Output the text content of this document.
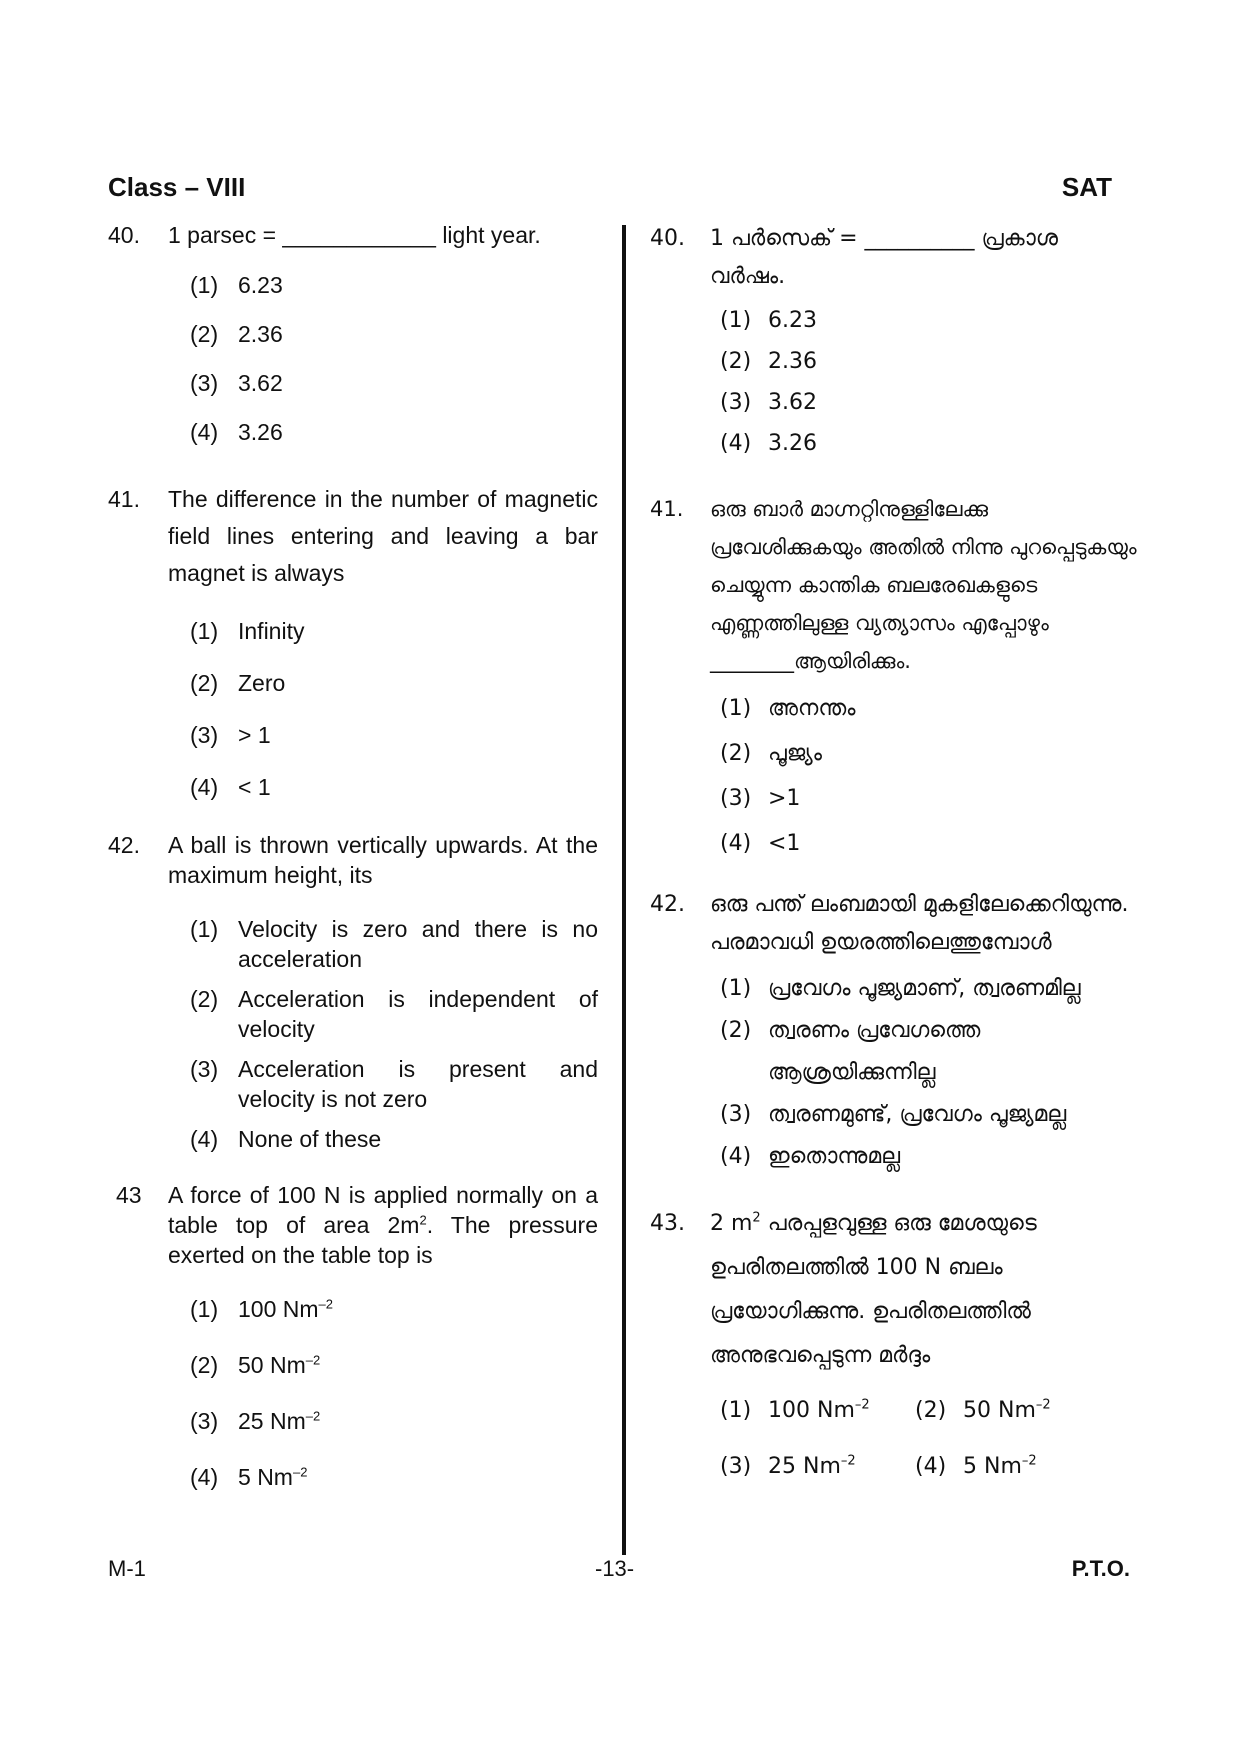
Class – VIII	SAT
40.	1 parsec = ____________ light year.
(1) 6.23
(2) 2.36
(3) 3.62
(4) 3.26
41.	The difference in the number of magnetic field lines entering and leaving a bar magnet is always
(1) Infinity
(2) Zero
(3) > 1
(4) < 1
42.	A ball is thrown vertically upwards. At the maximum height, its
(1) Velocity is zero and there is no acceleration
(2) Acceleration is independent of velocity
(3) Acceleration is present and velocity is not zero
(4) None of these
43	A force of 100 N is applied normally on a table top of area $2m^2$. The pressure exerted on the table top is
(1) 100 $Nm^{-2}$
(2) 50 $Nm^{-2}$
(3) 25 $Nm^{-2}$
(4) 5 $Nm^{-2}$
40.	1 പർസെക് = __________ പ്രകാശ വർഷം.
(1) 6.23
(2) 2.36
(3) 3.62
(4) 3.26
41.	ഒരു ബാർ മാഗ്നറ്റിനുള്ളിലേക്കു പ്രവേശിക്കുകയും അതിൽ നിന്നു പുറപ്പെടുകയും ചെയ്യുന്ന കാന്തിക ബലരേഖകളുടെ എണ്ണത്തിലുള്ള വ്യത്യാസം എപ്പോഴും ________ആയിരിക്കും.
(1) അനന്തം
(2) പൂജ്യം
(3) >1
(4) <1
42.	ഒരു പന്ത് ലംബമായി മുകളിലേക്കെറിയുന്നു. പരമാവധി ഉയരത്തിലെത്തുമ്പോൾ
(1) പ്രവേഗം പൂജ്യമാണ്, ത്വരണമില്ല
(2) ത്വരണം പ്രവേഗത്തെ ആശ്രയിക്കുന്നില്ല
(3) ത്വരണമുണ്ട്, പ്രവേഗം പൂജ്യമല്ല
(4) ഇതൊന്നുമല്ല
43.	2 $m^2$ പരപ്പളവുള്ള ഒരു മേശയുടെ ഉപരിതലത്തിൽ 100 N ബലം പ്രയോഗിക്കുന്നു. ഉപരിതലത്തിൽ അനുഭവപ്പെടുന്ന മർദ്ദം
(1) 100 $Nm^{-2}$	(2) 50 $Nm^{-2}$
(3) 25 $Nm^{-2}$	(4) 5 $Nm^{-2}$
M-1	-13-	P.T.O.
